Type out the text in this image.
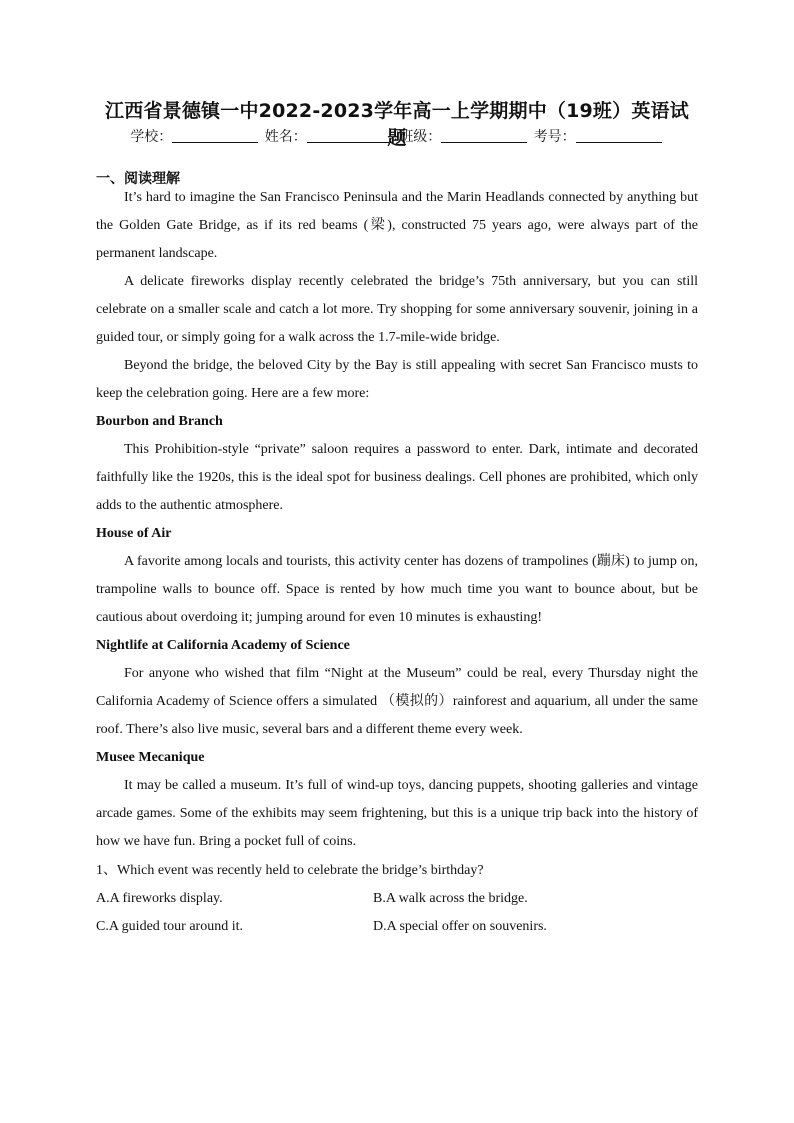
江西省景德镇一中2022-2023学年高一上学期期中（19班）英语试题
学校：	姓名：	班级：	考号：
一、阅读理解

It’s hard to imagine the San Francisco Peninsula and the Marin Headlands connected by anything but the Golden Gate Bridge, as if its red beams (梁), constructed 75 years ago, were always part of the permanent landscape.

A delicate fireworks display recently celebrated the bridge’s 75th anniversary, but you can still celebrate on a smaller scale and catch a lot more. Try shopping for some anniversary souvenir, joining in a guided tour, or simply going for a walk across the 1.7-mile-wide bridge.

Beyond the bridge, the beloved City by the Bay is still appealing with secret San Francisco musts to keep the celebration going. Here are a few more:

Bourbon and Branch

This Prohibition-style “private” saloon requires a password to enter. Dark, intimate and decorated faithfully like the 1920s, this is the ideal spot for business dealings. Cell phones are prohibited, which only adds to the authentic atmosphere.

House of Air

A favorite among locals and tourists, this activity center has dozens of trampolines (蹦床) to jump on, trampoline walls to bounce off. Space is rented by how much time you want to bounce about, but be cautious about overdoing it; jumping around for even 10 minutes is exhausting!

Nightlife at California Academy of Science

For anyone who wished that film “Night at the Museum” could be real, every Thursday night the California Academy of Science offers a simulated （模拟的）rainforest and aquarium, all under the same roof. There’s also live music, several bars and a different theme every week.

Musee Mecanique

It may be called a museum. It’s full of wind-up toys, dancing puppets, shooting galleries and vintage arcade games. Some of the exhibits may seem frightening, but this is a unique trip back into the history of how we have fun. Bring a pocket full of coins.

1、Which event was recently held to celebrate the bridge’s birthday?
A.A fireworks display.	B.A walk across the bridge.
C.A guided tour around it.	D.A special offer on souvenirs.
